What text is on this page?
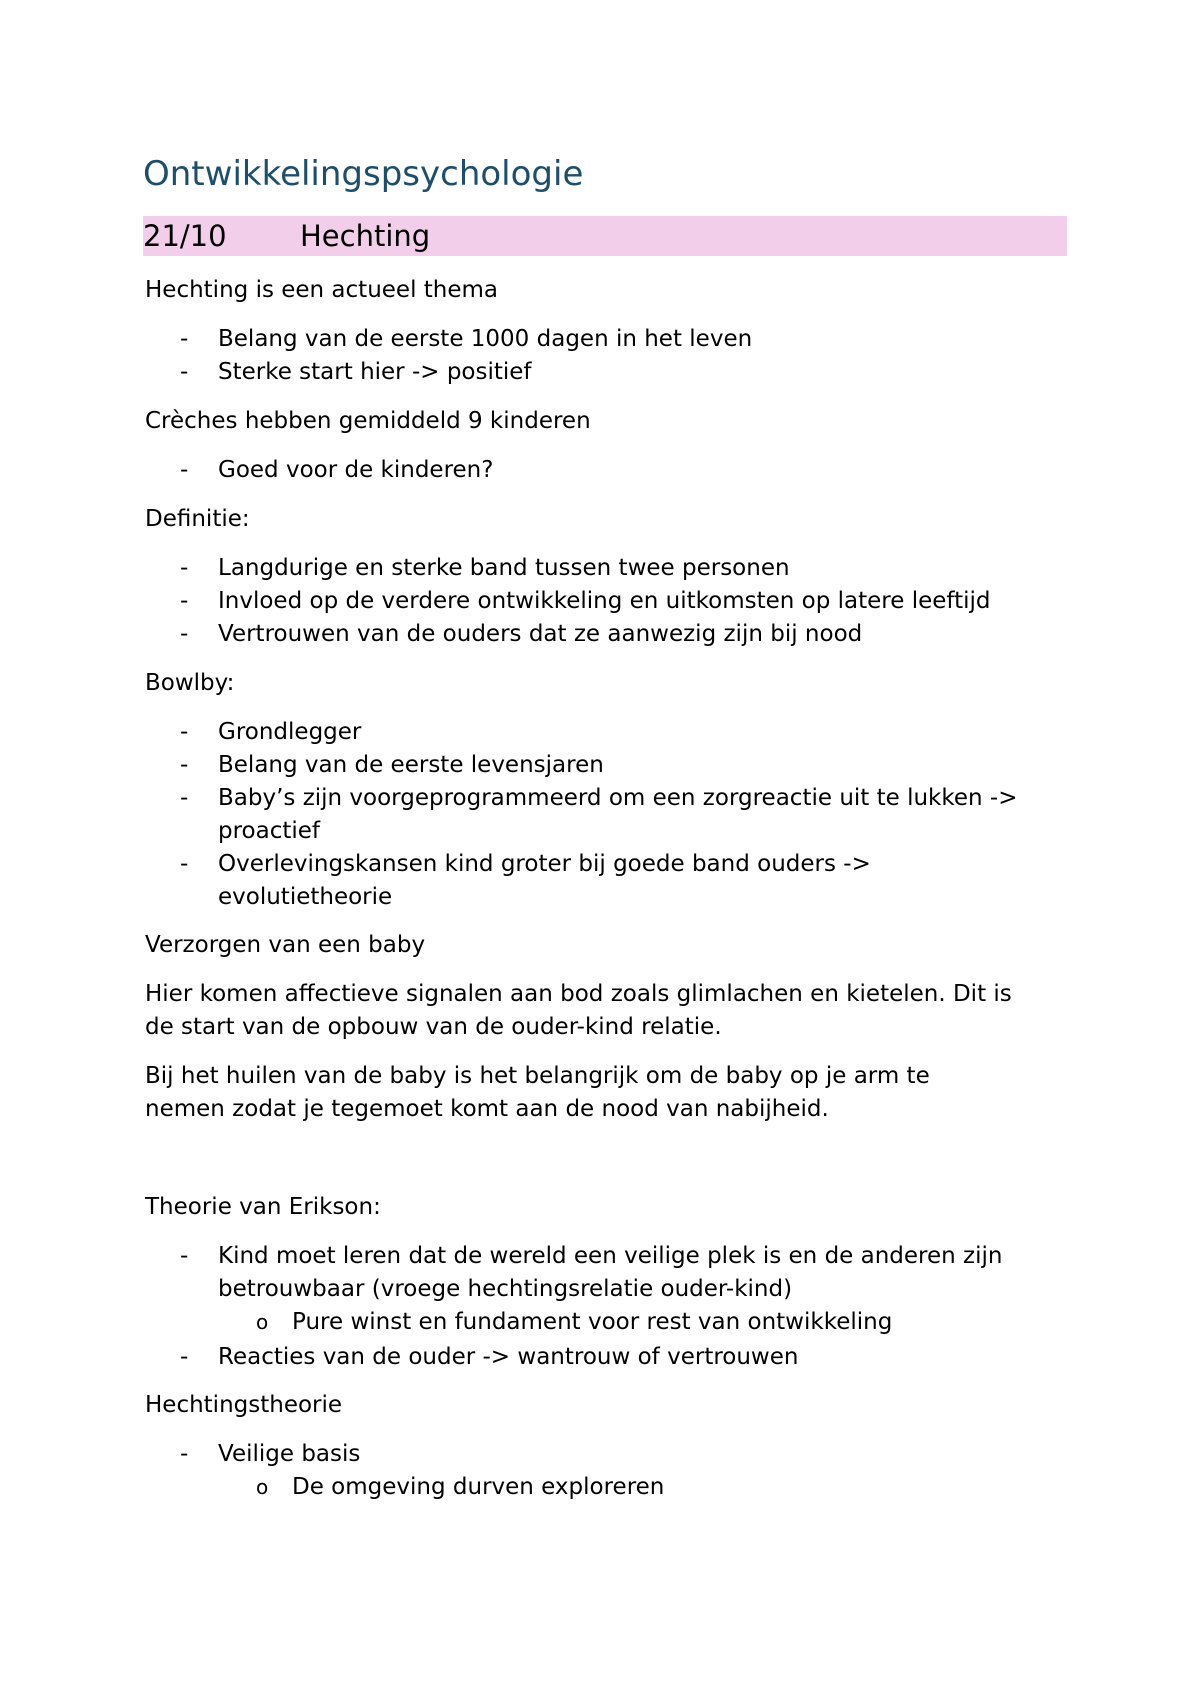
Ontwikkelingspsychologie
21/10	Hechting
Hechting is een actueel thema
- Belang van de eerste 1000 dagen in het leven
- Sterke start hier -> positief
Crèches hebben gemiddeld 9 kinderen
- Goed voor de kinderen?
Definitie:
- Langdurige en sterke band tussen twee personen
- Invloed op de verdere ontwikkeling en uitkomsten op latere leeftijd
- Vertrouwen van de ouders dat ze aanwezig zijn bij nood
Bowlby:
- Grondlegger
- Belang van de eerste levensjaren
- Baby’s zijn voorgeprogrammeerd om een zorgreactie uit te lukken ->
proactief
- Overlevingskansen kind groter bij goede band ouders ->
evolutietheorie
Verzorgen van een baby
Hier komen affectieve signalen aan bod zoals glimlachen en kietelen. Dit is
de start van de opbouw van de ouder-kind relatie.
Bij het huilen van de baby is het belangrijk om de baby op je arm te
nemen zodat je tegemoet komt aan de nood van nabijheid.
Theorie van Erikson:
- Kind moet leren dat de wereld een veilige plek is en de anderen zijn
betrouwbaar (vroege hechtingsrelatie ouder-kind)
o Pure winst en fundament voor rest van ontwikkeling
- Reacties van de ouder -> wantrouw of vertrouwen
Hechtingstheorie
- Veilige basis
o De omgeving durven exploreren
